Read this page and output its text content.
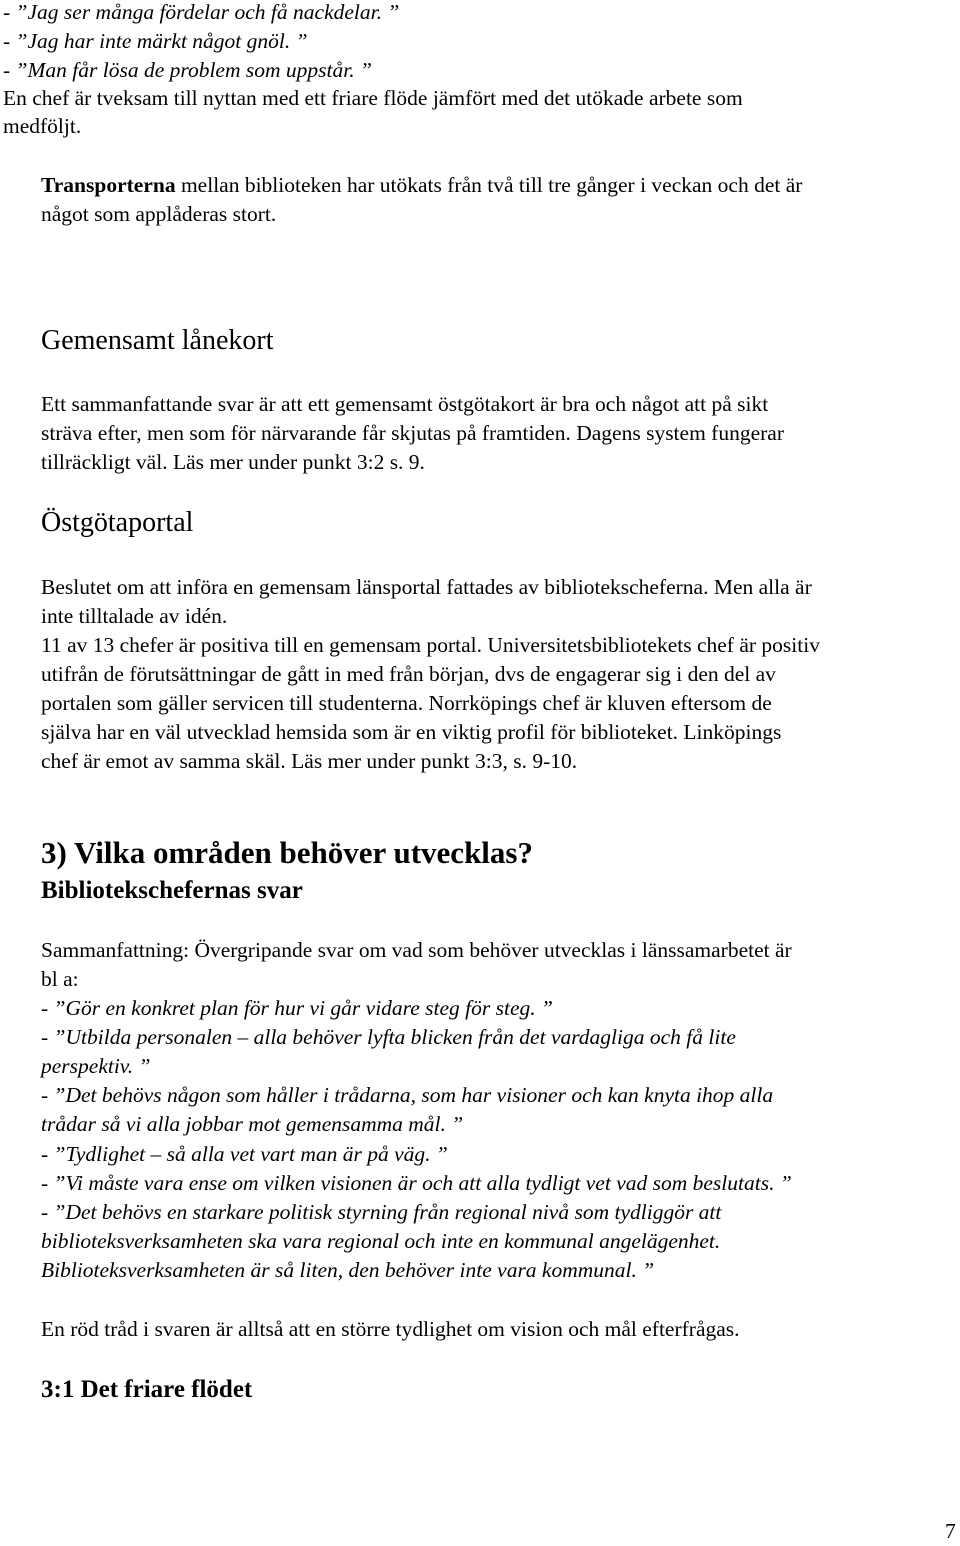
- ”Jag ser många fördelar och få nackdelar. ”
- ”Jag har inte märkt något gnöl. ”
- ”Man får lösa de problem som uppstår. ”
En chef är tveksam till nyttan med ett friare flöde jämfört med det utökade arbete som
medföljt.
Transporterna mellan biblioteken har utökats från två till tre gånger i veckan och det är
något som applåderas stort.
Gemensamt lånekort
Ett sammanfattande svar är att ett gemensamt östgötakort är bra och något att på sikt
sträva efter, men som för närvarande får skjutas på framtiden. Dagens system fungerar
tillräckligt väl. Läs mer under punkt 3:2 s. 9.
Östgötaportal
Beslutet om att införa en gemensam länsportal fattades av bibliotekscheferna. Men alla är
inte tilltalade av idén.
11 av 13 chefer är positiva till en gemensam portal. Universitetsbibliotekets chef är positiv
utifrån de förutsättningar de gått in med från början, dvs de engagerar sig i den del av
portalen som gäller servicen till studenterna. Norrköpings chef är kluven eftersom de
själva har en väl utvecklad hemsida som är en viktig profil för biblioteket. Linköpings
chef är emot av samma skäl. Läs mer under punkt 3:3, s. 9-10.
3) Vilka områden behöver utvecklas?
Bibliotekschefernas svar
Sammanfattning: Övergripande svar om vad som behöver utvecklas i länssamarbetet är
bl a:
- ”Gör en konkret plan för hur vi går vidare steg för steg. ”
- ”Utbilda personalen – alla behöver lyfta blicken från det vardagliga och få lite
perspektiv. ”
- ”Det behövs någon som håller i trådarna, som har visioner och kan knyta ihop alla
trådar så vi alla jobbar mot gemensamma mål. ”
- ”Tydlighet – så alla vet vart man är på väg. ”
- ”Vi måste vara ense om vilken visionen är och att alla tydligt vet vad som beslutats. ”
- ”Det behövs en starkare politisk styrning från regional nivå som tydliggör att
biblioteksverksamheten ska vara regional och inte en kommunal angelägenhet.
Biblioteksverksamheten är så liten, den behöver inte vara kommunal. ”
En röd tråd i svaren är alltså att en större tydlighet om vision och mål efterfrågas.
3:1 Det friare flödet
7
